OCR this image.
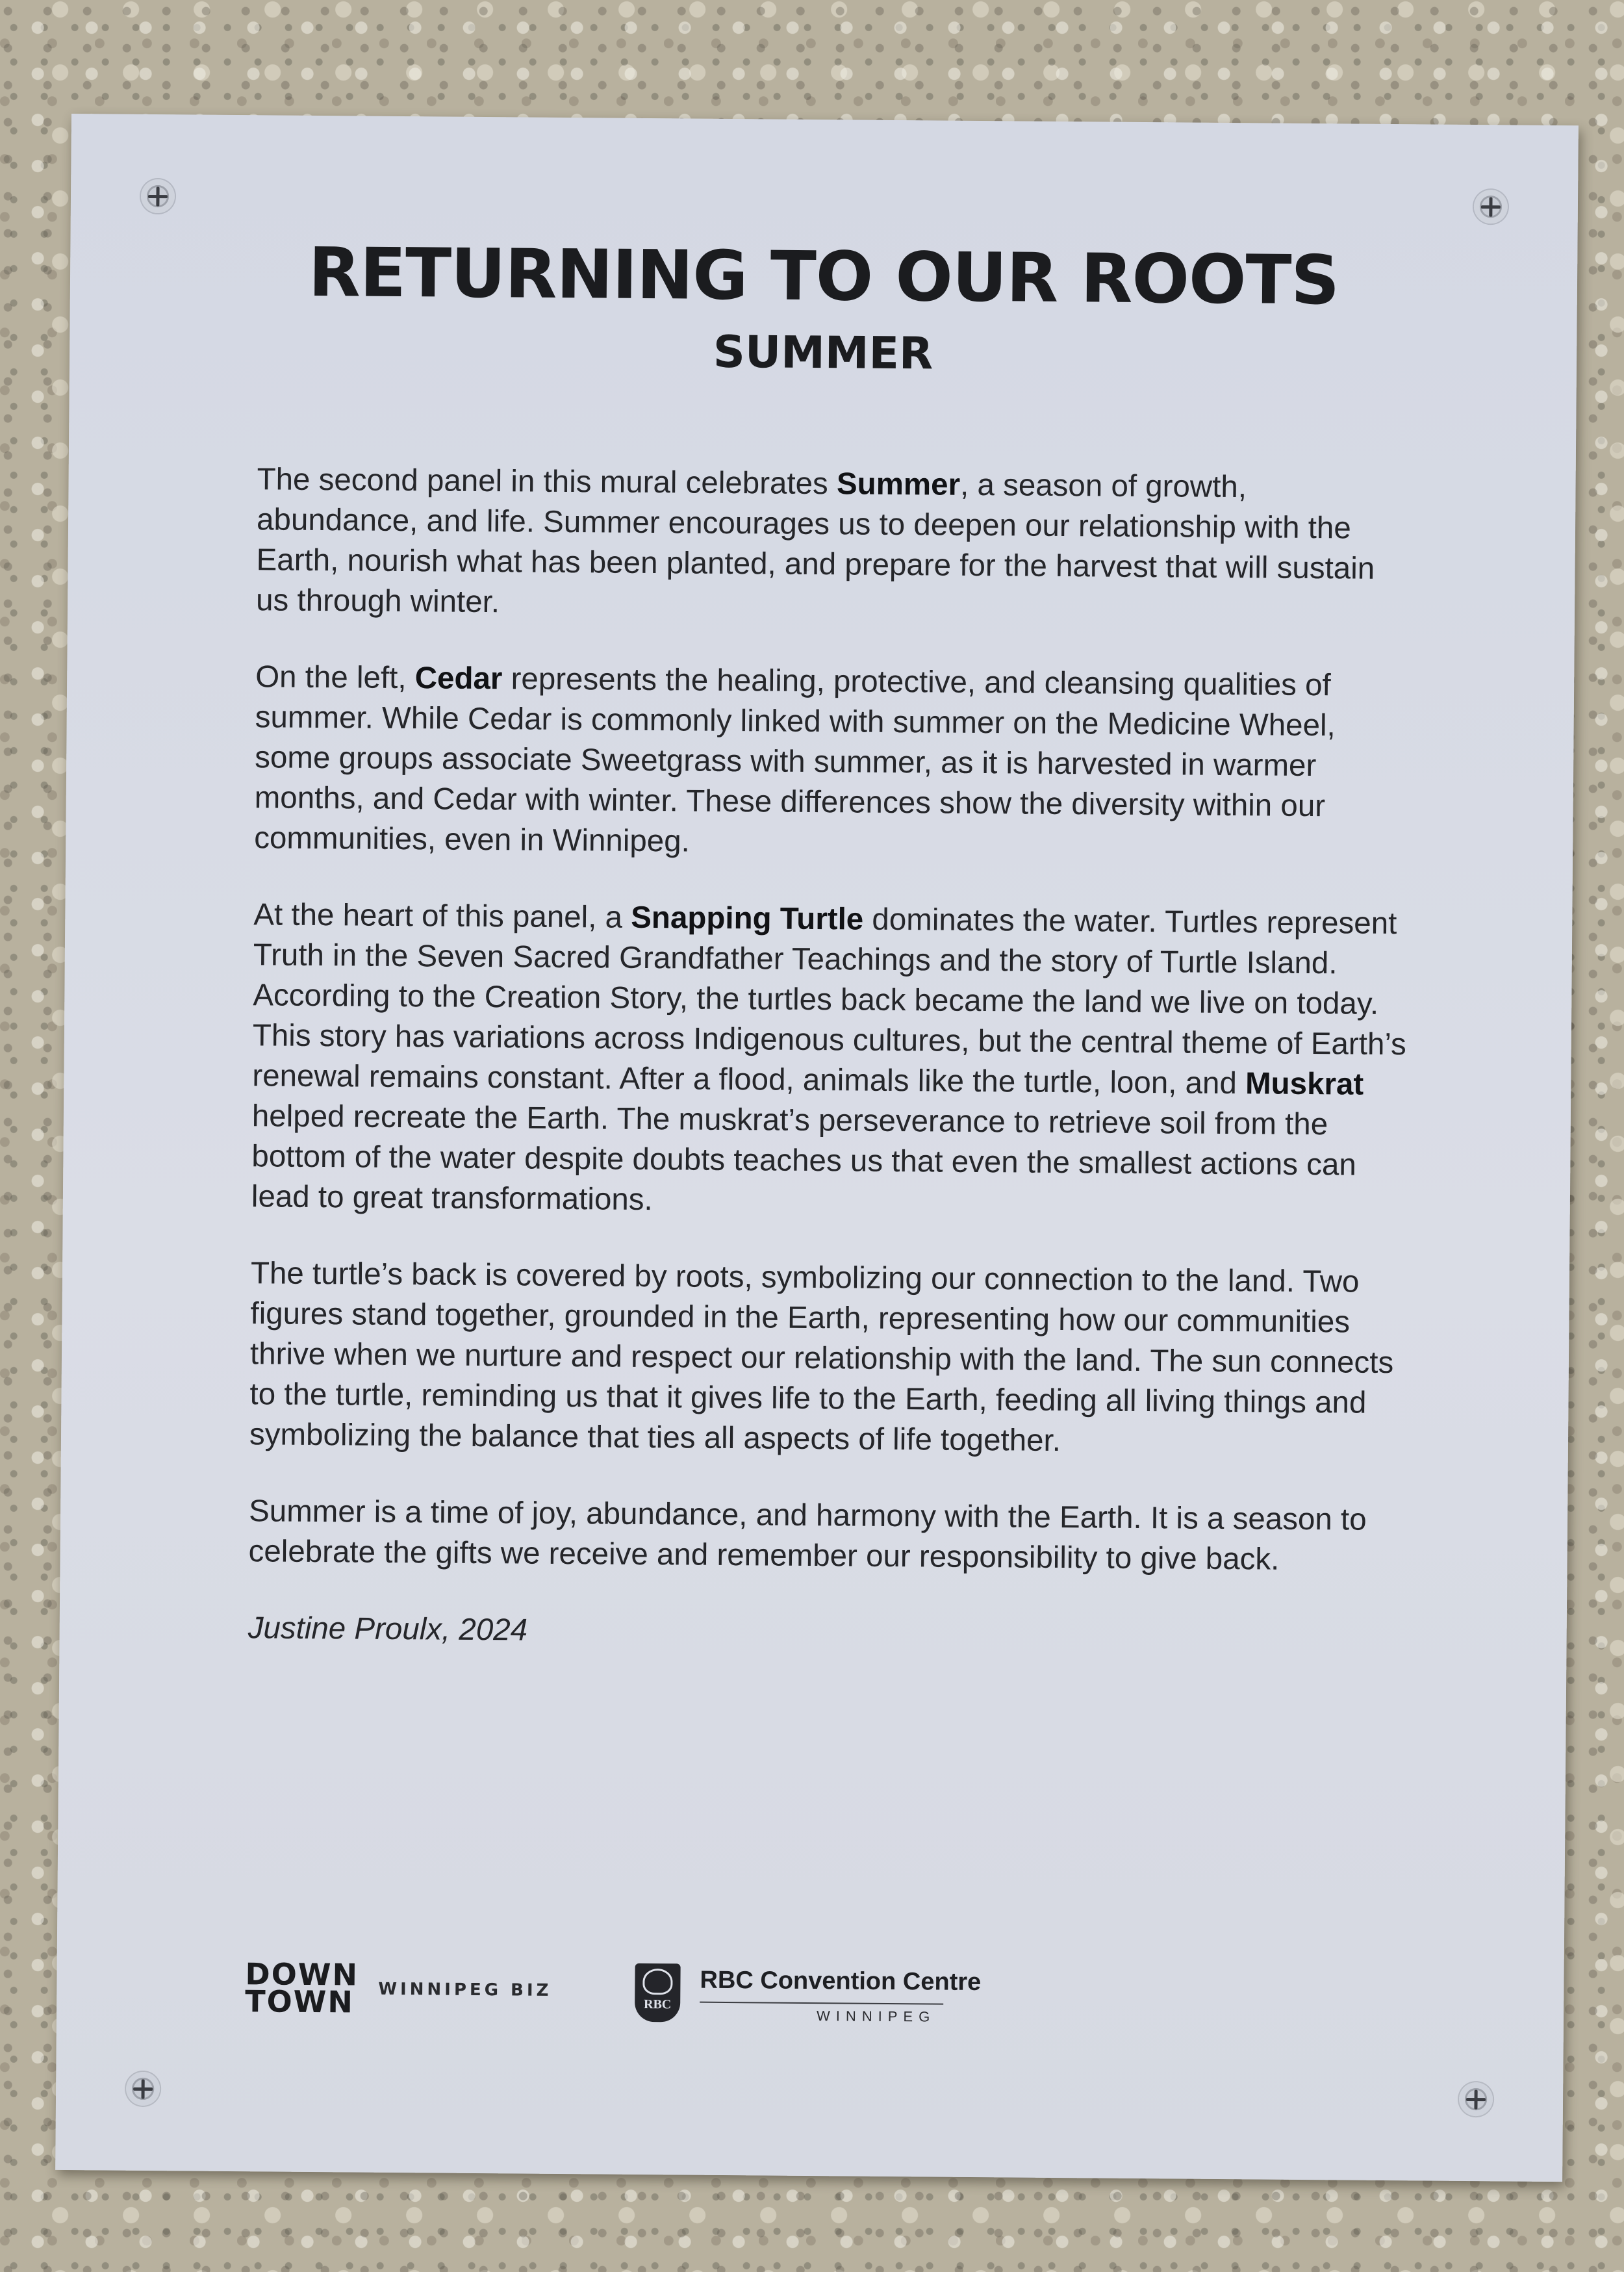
RETURNING TO OUR ROOTS
SUMMER

The second panel in this mural celebrates Summer, a season of growth, abundance, and life. Summer encourages us to deepen our relationship with the Earth, nourish what has been planted, and prepare for the harvest that will sustain us through winter.

On the left, Cedar represents the healing, protective, and cleansing qualities of summer. While Cedar is commonly linked with summer on the Medicine Wheel, some groups associate Sweetgrass with summer, as it is harvested in warmer months, and Cedar with winter. These differences show the diversity within our communities, even in Winnipeg.

At the heart of this panel, a Snapping Turtle dominates the water. Turtles represent Truth in the Seven Sacred Grandfather Teachings and the story of Turtle Island. According to the Creation Story, the turtles back became the land we live on today. This story has variations across Indigenous cultures, but the central theme of Earth’s renewal remains constant. After a flood, animals like the turtle, loon, and Muskrat helped recreate the Earth. The muskrat’s perseverance to retrieve soil from the bottom of the water despite doubts teaches us that even the smallest actions can lead to great transformations.

The turtle’s back is covered by roots, symbolizing our connection to the land. Two figures stand together, grounded in the Earth, representing how our communities thrive when we nurture and respect our relationship with the land. The sun connects to the turtle, reminding us that it gives life to the Earth, feeding all living things and symbolizing the balance that ties all aspects of life together.

Summer is a time of joy, abundance, and harmony with the Earth. It is a season to celebrate the gifts we receive and remember our responsibility to give back.

Justine Proulx, 2024

DOWN
TOWN WINNIPEG BIZ
RBC
RBC Convention Centre
WINNIPEG
